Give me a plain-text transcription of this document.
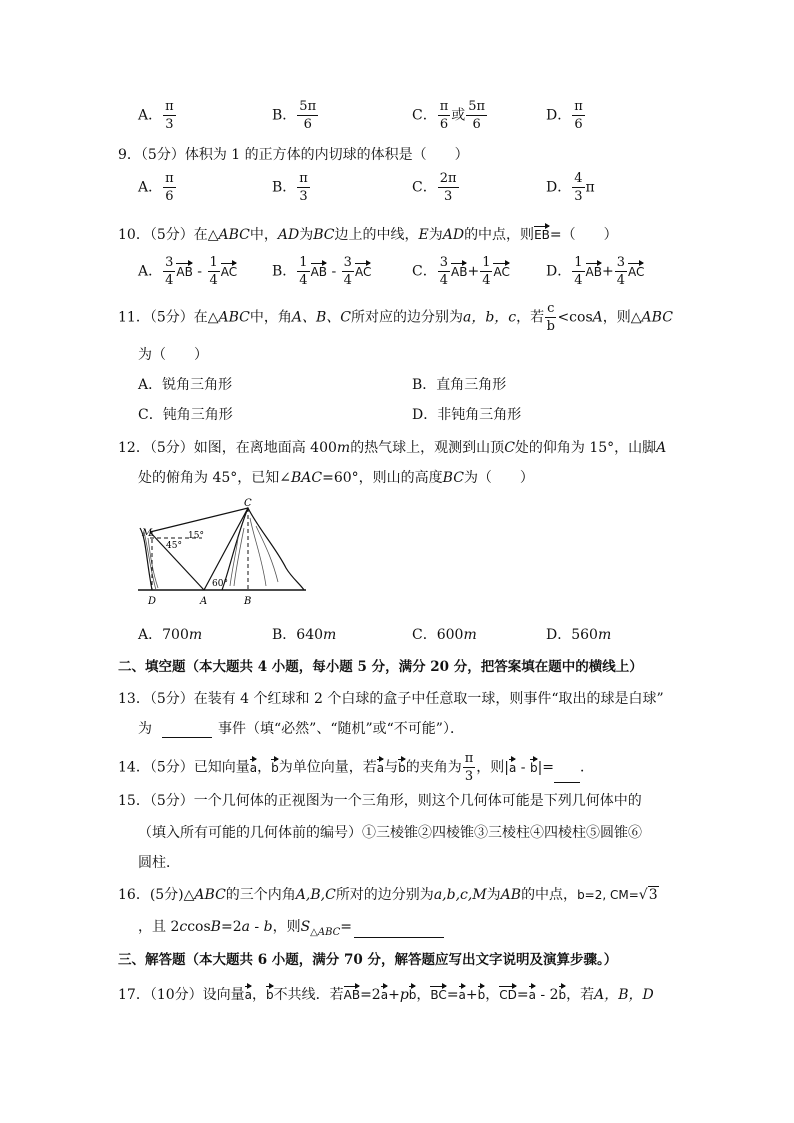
A． $\frac{\pi}{3}$	B． $\frac{5\pi}{6}$	C． $\frac{\pi}{6}$ 或 $\frac{5\pi}{6}$	D． $\frac{\pi}{6}$
9．（5分）体积为 1 的正方体的内切球的体积是（　　）
A． $\frac{\pi}{6}$	B． $\frac{\pi}{3}$	C． $\frac{2\pi}{3}$	D． $\frac{4}{3}$ π
10．（5分）在△ABC中，AD为BC边上的中线，E为AD的中点，则EB=（　　）
A． $\frac{3}{4}$ AB - $\frac{1}{4}$ AC B． $\frac{1}{4}$ AB - $\frac{3}{4}$ AC	C． $\frac{3}{4} AB+ \frac{1}{4}$ AC	D． $\frac{1}{4} AB+ \frac{3}{4}$ AC
11．（5分）在△ABC中，角A、B、C所对应的边分别为a，b，c，若 $\frac{c}{b} <\cos A$，则△ABC
为（　　）
A．锐角三角形	B．直角三角形
C．钝角三角形	D．非钝角三角形
12．（5分）如图，在离地面高 400m的热气球上，观测到山顶C处的仰角为 15°，山脚A
处的俯角为 45°，已知∠BAC=60°，则山的高度BC为（　　）
M
C
15°
45°
60°
D	A	B
A．700m	B．640m	C．600m	D．560m
二、填空题（本大题共 4 小题，每小题 5 分，满分 20 分，把答案填在题中的横线上）
13．（5分）在装有 4 个红球和 2 个白球的盒子中任意取一球，则事件“取出的球是白球”
为	事件（填“必然”、“随机”或“不可能”）．
14．（5分）已知向量a，b为单位向量，若a与b的夹角为 $\frac{\pi}{3}$ ，则|a - b|= ．
15．（5分）一个几何体的正视图为一个三角形，则这个几何体可能是下列几何体中的
（填入所有可能的几何体前的编号）①三棱锥②四棱锥③三棱柱④四棱柱⑤圆锥⑥
圆柱．
16．(5分)△ABC的三个内角A,B,C所对的边分别为a,b,c,M为AB的中点，b=2, CM=√3
，且 2ccosB=2a - b，则$S_{\triangle ABC}=$
三、解答题（本大题共 6 小题，满分 70 分，解答题应写出文字说明及演算步骤。）
17．（10分）设向量a，b不共线．若AB=2a+pb，BC=a+b，CD=a - 2b，若A，B，D
